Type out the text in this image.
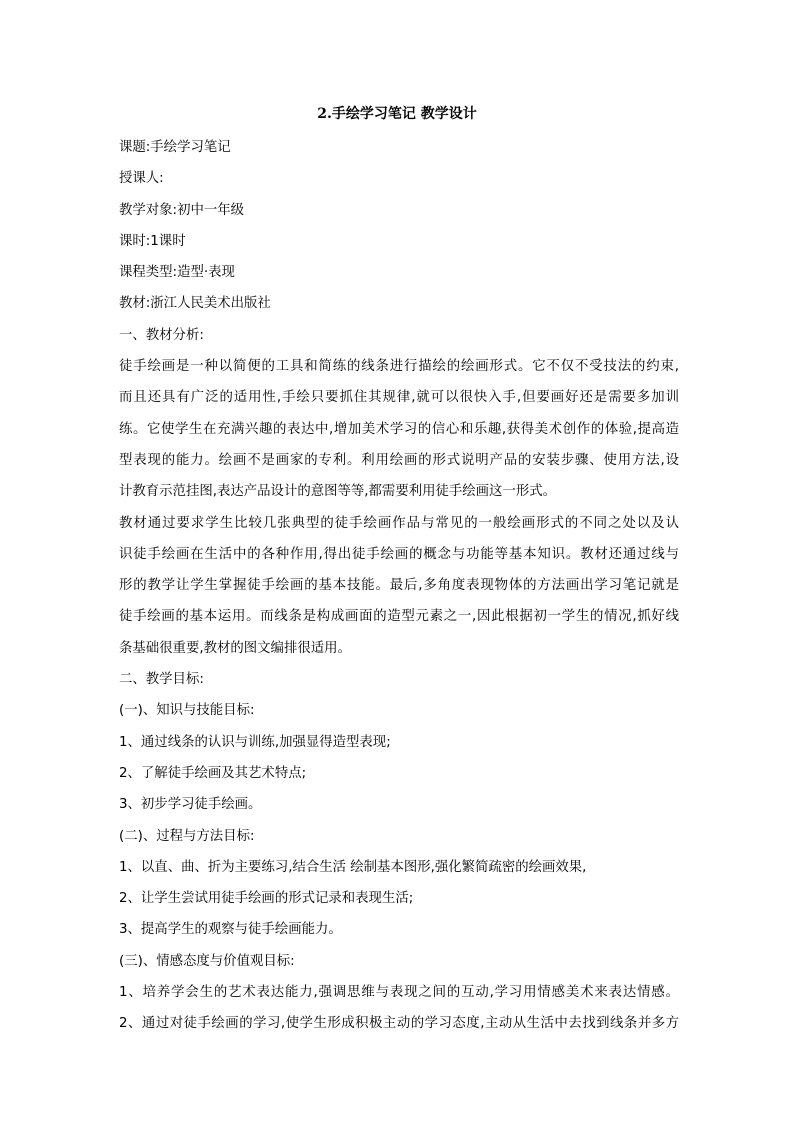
2.手绘学习笔记 教学设计
课题:手绘学习笔记
授课人:
教学对象:初中一年级
课时:1课时
课程类型:造型·表现
教材:浙江人民美术出版社
一、教材分析:
徒手绘画是一种以简便的工具和简练的线条进行描绘的绘画形式。它不仅不受技法的约束,
而且还具有广泛的适用性,手绘只要抓住其规律,就可以很快入手,但要画好还是需要多加训
练。它使学生在充满兴趣的表达中,增加美术学习的信心和乐趣,获得美术创作的体验,提高造
型表现的能力。绘画不是画家的专利。利用绘画的形式说明产品的安装步骤、使用方法,设
计教育示范挂图,表达产品设计的意图等等,都需要利用徒手绘画这一形式。
教材通过要求学生比较几张典型的徒手绘画作品与常见的一般绘画形式的不同之处以及认
识徒手绘画在生活中的各种作用,得出徒手绘画的概念与功能等基本知识。教材还通过线与
形的教学让学生掌握徒手绘画的基本技能。最后,多角度表现物体的方法画出学习笔记就是
徒手绘画的基本运用。而线条是构成画面的造型元素之一,因此根据初一学生的情况,抓好线
条基础很重要,教材的图文编排很适用。
二、教学目标:
(一)、知识与技能目标:
1、通过线条的认识与训练,加强显得造型表现;
2、了解徒手绘画及其艺术特点;
3、初步学习徒手绘画。
(二)、过程与方法目标:
1、以直、曲、折为主要练习,结合生活 绘制基本图形,强化繁简疏密的绘画效果,
2、让学生尝试用徒手绘画的形式记录和表现生活;
3、提高学生的观察与徒手绘画能力。
(三)、情感态度与价值观目标:
1、培养学会生的艺术表达能力,强调思维与表现之间的互动,学习用情感美术来表达情感。
2、通过对徒手绘画的学习,使学生形成积极主动的学习态度,主动从生活中去找到线条并多方
